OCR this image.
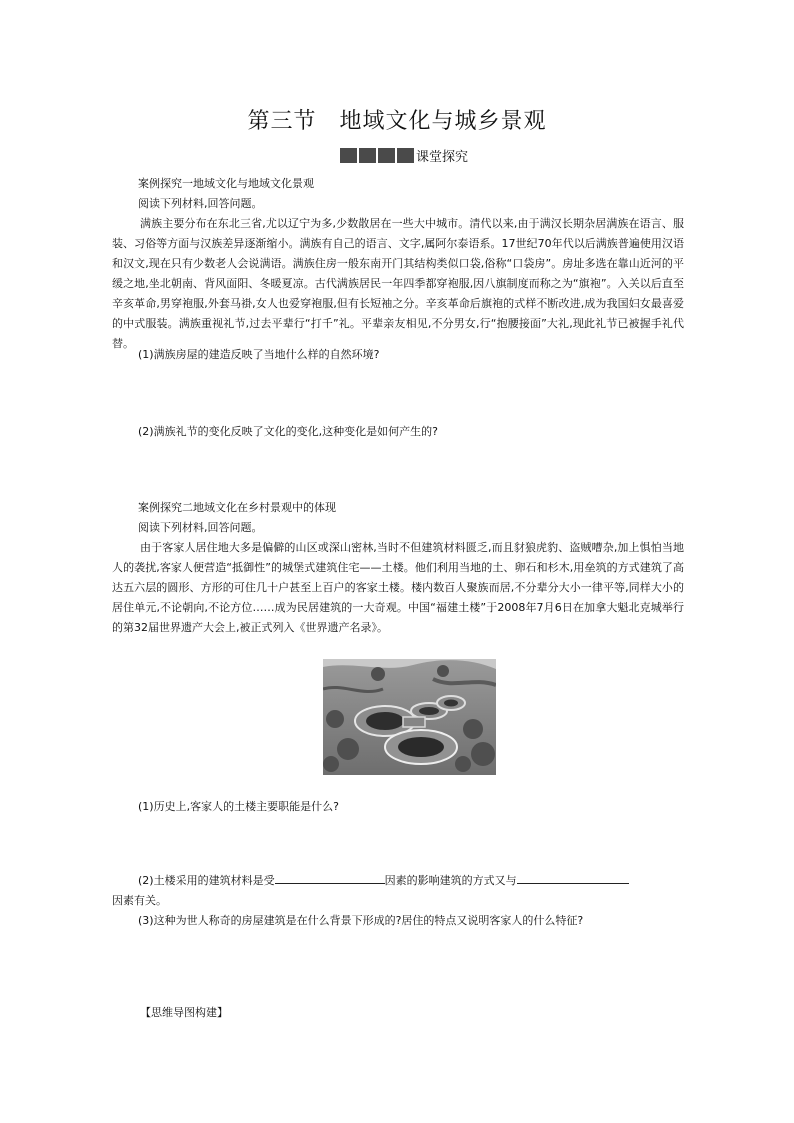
第三节　地域文化与城乡景观
课堂探究
案例探究一地域文化与地域文化景观
阅读下列材料,回答问题。
满族主要分布在东北三省,尤以辽宁为多,少数散居在一些大中城市。清代以来,由于满汉长期杂居满族在语言、服装、习俗等方面与汉族差异逐渐缩小。满族有自己的语言、文字,属阿尔泰语系。17世纪70年代以后满族普遍使用汉语和汉文,现在只有少数老人会说满语。满族住房一般东南开门其结构类似口袋,俗称“口袋房”。房址多选在靠山近河的平缓之地,坐北朝南、背风面阳、冬暖夏凉。古代满族居民一年四季都穿袍服,因八旗制度而称之为“旗袍”。入关以后直至辛亥革命,男穿袍服,外套马褂,女人也爱穿袍服,但有长短袖之分。辛亥革命后旗袍的式样不断改进,成为我国妇女最喜爱的中式服装。满族重视礼节,过去平辈行“打千”礼。平辈亲友相见,不分男女,行“抱腰接面”大礼,现此礼节已被握手礼代替。
(1)满族房屋的建造反映了当地什么样的自然环境?
(2)满族礼节的变化反映了文化的变化,这种变化是如何产生的?
案例探究二地域文化在乡村景观中的体现
阅读下列材料,回答问题。
由于客家人居住地大多是偏僻的山区或深山密林,当时不但建筑材料匮乏,而且豺狼虎豹、盗贼嘈杂,加上惧怕当地人的袭扰,客家人便营造“抵御性”的城堡式建筑住宅——土楼。他们利用当地的土、卵石和杉木,用垒筑的方式建筑了高达五六层的圆形、方形的可住几十户甚至上百户的客家土楼。楼内数百人聚族而居,不分辈分大小一律平等,同样大小的居住单元,不论朝向,不论方位……成为民居建筑的一大奇观。中国“福建土楼”于2008年7月6日在加拿大魁北克城举行的第32届世界遗产大会上,被正式列入《世界遗产名录》。
(1)历史上,客家人的土楼主要职能是什么?
(2)土楼采用的建筑材料是受	因素的影响建筑的方式又与
因素有关。
(3)这种为世人称奇的房屋建筑是在什么背景下形成的?居住的特点又说明客家人的什么特征?
【思维导图构建】
